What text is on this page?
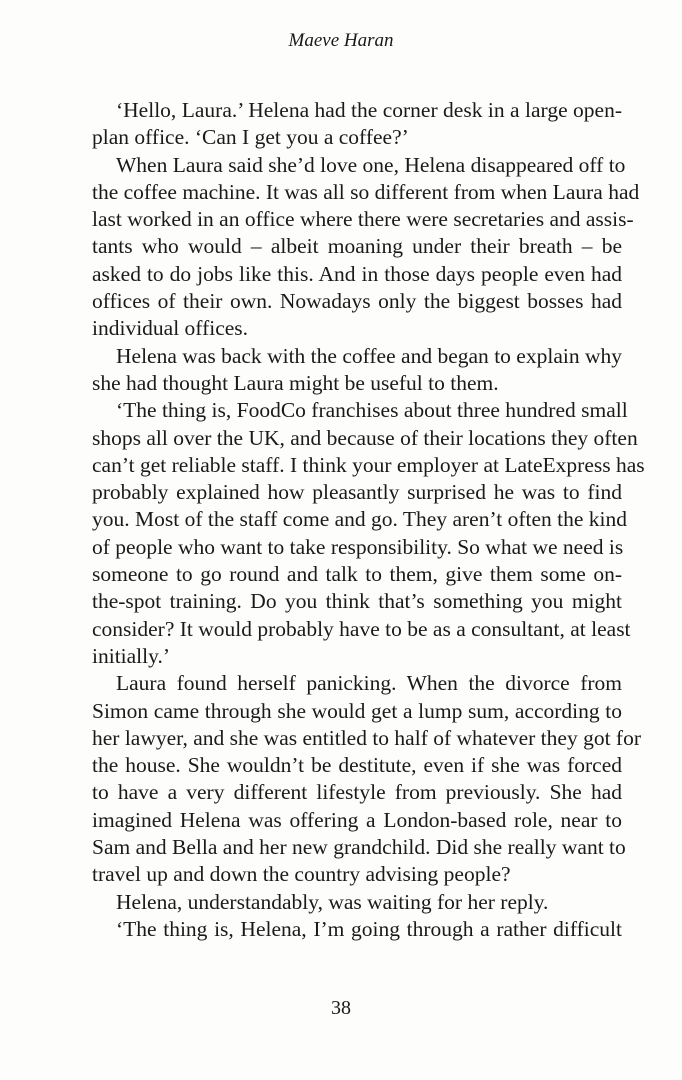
Maeve Haran
‘Hello, Laura.’ Helena had the corner desk in a large open-
plan office. ‘Can I get you a coffee?’
When Laura said she’d love one, Helena disappeared off to
the coffee machine. It was all so different from when Laura had
last worked in an office where there were secretaries and assis-
tants who would – albeit moaning under their breath – be
asked to do jobs like this. And in those days people even had
offices of their own. Nowadays only the biggest bosses had
individual offices.
Helena was back with the coffee and began to explain why
she had thought Laura might be useful to them.
‘The thing is, FoodCo franchises about three hundred small
shops all over the UK, and because of their locations they often
can’t get reliable staff. I think your employer at LateExpress has
probably explained how pleasantly surprised he was to find
you. Most of the staff come and go. They aren’t often the kind
of people who want to take responsibility. So what we need is
someone to go round and talk to them, give them some on-
the-spot training. Do you think that’s something you might
consider? It would probably have to be as a consultant, at least
initially.’
Laura found herself panicking. When the divorce from
Simon came through she would get a lump sum, according to
her lawyer, and she was entitled to half of whatever they got for
the house. She wouldn’t be destitute, even if she was forced
to have a very different lifestyle from previously. She had
imagined Helena was offering a London-based role, near to
Sam and Bella and her new grandchild. Did she really want to
travel up and down the country advising people?
Helena, understandably, was waiting for her reply.
‘The thing is, Helena, I’m going through a rather difficult
38
